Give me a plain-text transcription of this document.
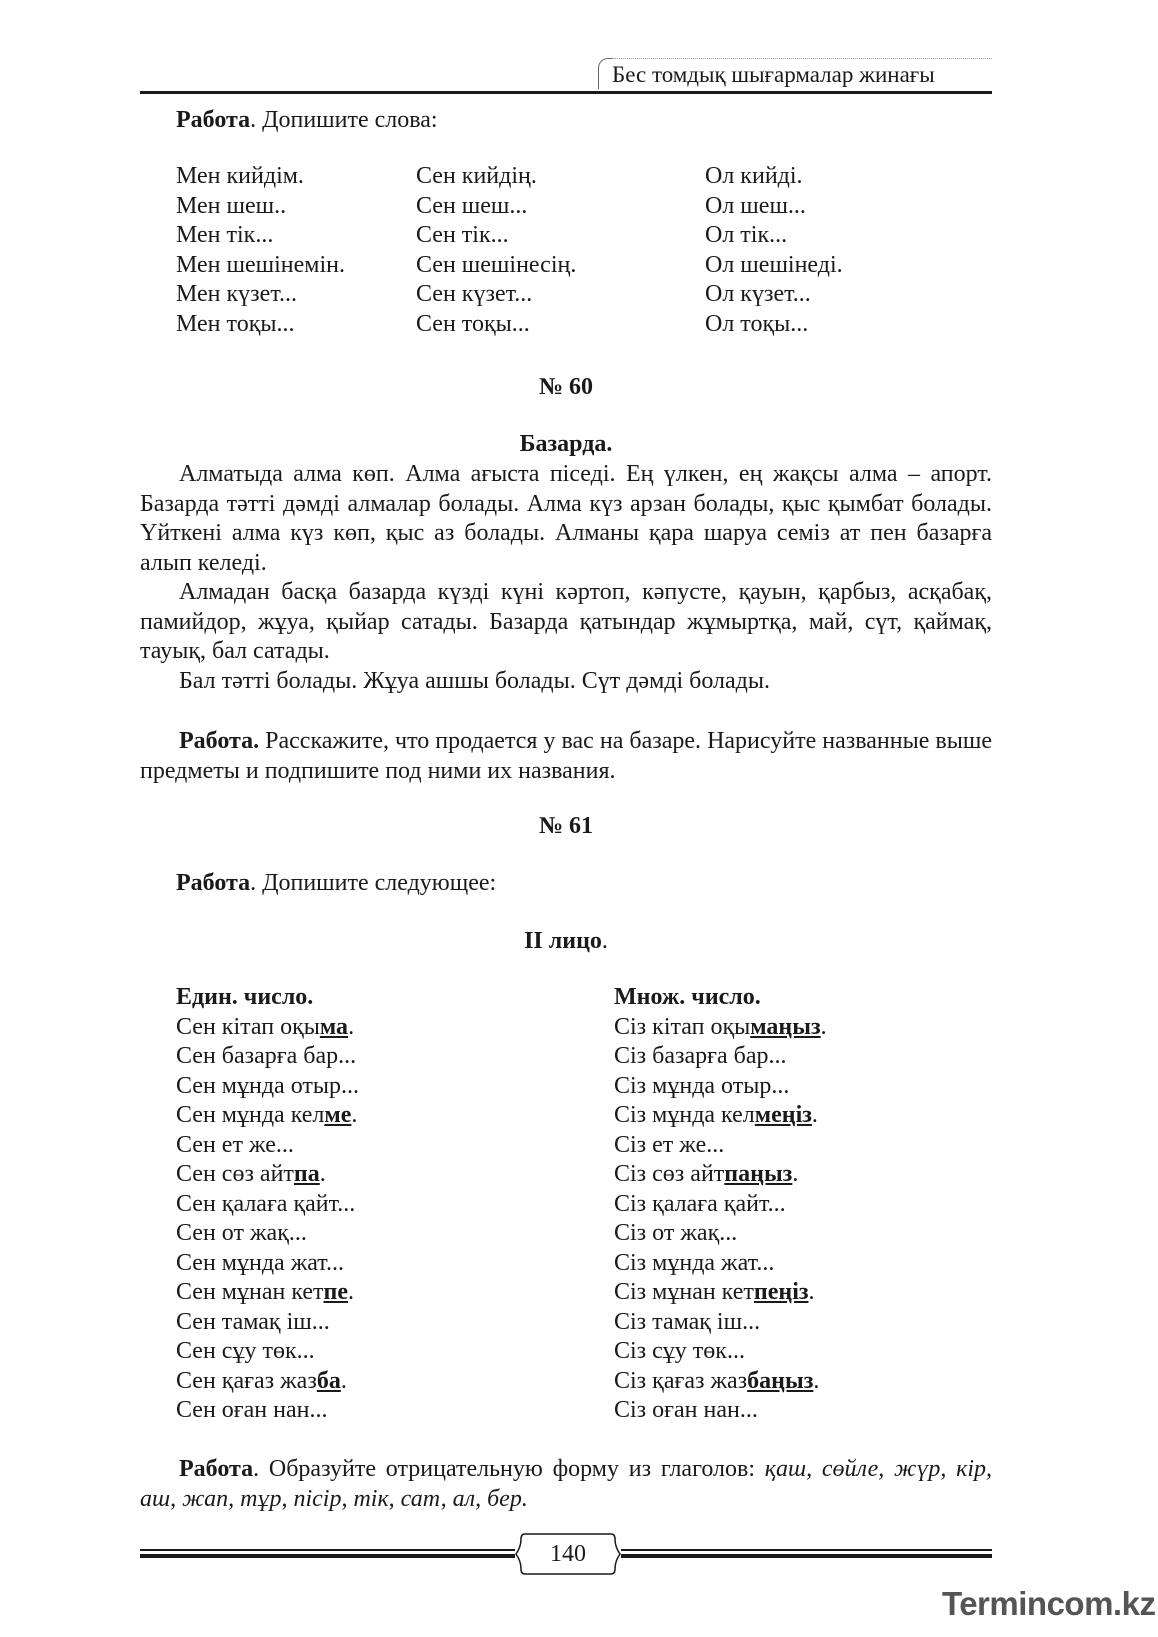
Бес томдық шығармалар жинағы
Работа. Допишите слова:
Мен кийдім.
Мен шеш..
Мен тік...
Мен шешінемін.
Мен күзет...
Мен тоқы...
Сен кийдің.
Сен шеш...
Сен тік...
Сен шешінесің.
Сен күзет...
Сен тоқы...
Ол кийді.
Ол шеш...
Ол тік...
Ол шешінеді.
Ол күзет...
Ол тоқы...
№ 60
Базарда.

Алматыда алма көп. Алма ағыста піседі. Ең үлкен, ең жақсы алма – апорт. Базарда тәтті дәмді алмалар болады. Алма күз арзан болады, қыс қымбат болады. Үйткені алма күз көп, қыс аз болады. Алманы қара шаруа семіз ат пен базарға алып келеді.

Алмадан басқа базарда күзді күні кәртоп, кәпусте, қауын, қарбыз, асқабақ, памийдор, жұуа, қыйар сатады. Базарда қатындар жұмыртқа, май, сүт, қаймақ, тауық, бал сатады.

Бал тәтті болады. Жұуа ашшы болады. Сүт дәмді болады.

Работа. Расскажите, что продается у вас на базаре. Нарисуйте названные выше предметы и подпишите под ними их названия.

№ 61
Работа. Допишите следующее:
II лицо.
Един. число.
Сен кітап оқыма.
Сен базарға бар...
Сен мұнда отыр...
Сен мұнда келме.
Сен ет же...
Сен сөз айтпа.
Сен қалаға қайт...
Сен от жақ...
Сен мұнда жат...
Сен мұнан кетпе.
Сен тамақ іш...
Сен сұу төк...
Сен қағаз жазба.
Сен оған нан...
Множ. число.
Сіз кітап оқымаңыз.
Сіз базарға бар...
Сіз мұнда отыр...
Сіз мұнда келмеңіз.
Сіз ет же...
Сіз сөз айтпаңыз.
Сіз қалаға қайт...
Сіз от жақ...
Сіз мұнда жат...
Сіз мұнан кетпеңіз.
Сіз тамақ іш...
Сіз сұу төк...
Сіз қағаз жазбаңыз.
Сіз оған нан...

Работа. Образуйте отрицательную форму из глаголов: қаш, сөйле, жүр, кір, аш, жап, тұр, пісір, тік, сат, ал, бер.

140
Termincom.kz
